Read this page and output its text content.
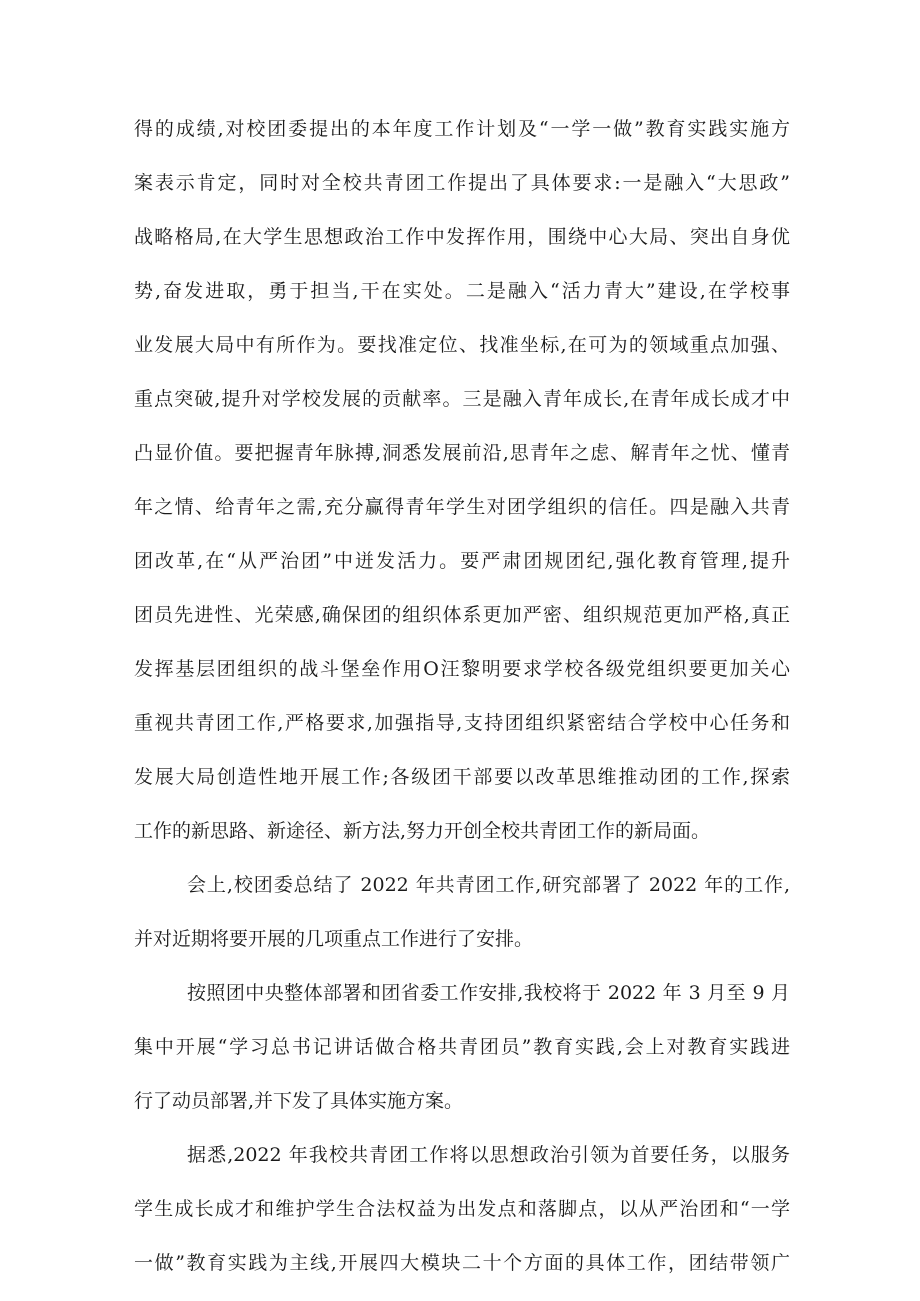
得的成绩,对校团委提出的本年度工作计划及“一学一做”教育实践实施方
案表示肯定，同时对全校共青团工作提出了具体要求:一是融入“大思政”
战略格局,在大学生思想政治工作中发挥作用，围绕中心大局、突出自身优
势,奋发进取，勇于担当,干在实处。二是融入“活力青大”建设,在学校事
业发展大局中有所作为。要找准定位、找准坐标,在可为的领域重点加强、
重点突破,提升对学校发展的贡献率。三是融入青年成长,在青年成长成才中
凸显价值。要把握青年脉搏,洞悉发展前沿,思青年之虑、解青年之忧、懂青
年之情、给青年之需,充分赢得青年学生对团学组织的信任。四是融入共青
团改革,在“从严治团”中迸发活力。要严肃团规团纪,强化教育管理,提升
团员先进性、光荣感,确保团的组织体系更加严密、组织规范更加严格,真正
发挥基层团组织的战斗堡垒作用O汪黎明要求学校各级党组织要更加关心
重视共青团工作,严格要求,加强指导,支持团组织紧密结合学校中心任务和
发展大局创造性地开展工作;各级团干部要以改革思维推动团的工作,探索
工作的新思路、新途径、新方法,努力开创全校共青团工作的新局面。
会上,校团委总结了 2022 年共青团工作,研究部署了 2022 年的工作,
并对近期将要开展的几项重点工作进行了安排。
按照团中央整体部署和团省委工作安排,我校将于 2022 年 3 月至 9 月
集中开展“学习总书记讲话做合格共青团员”教育实践,会上对教育实践进
行了动员部署,并下发了具体实施方案。
据悉,2022 年我校共青团工作将以思想政治引领为首要任务，以服务
学生成长成才和维护学生合法权益为出发点和落脚点，以从严治团和“一学
一做”教育实践为主线,开展四大模块二十个方面的具体工作，团结带领广
